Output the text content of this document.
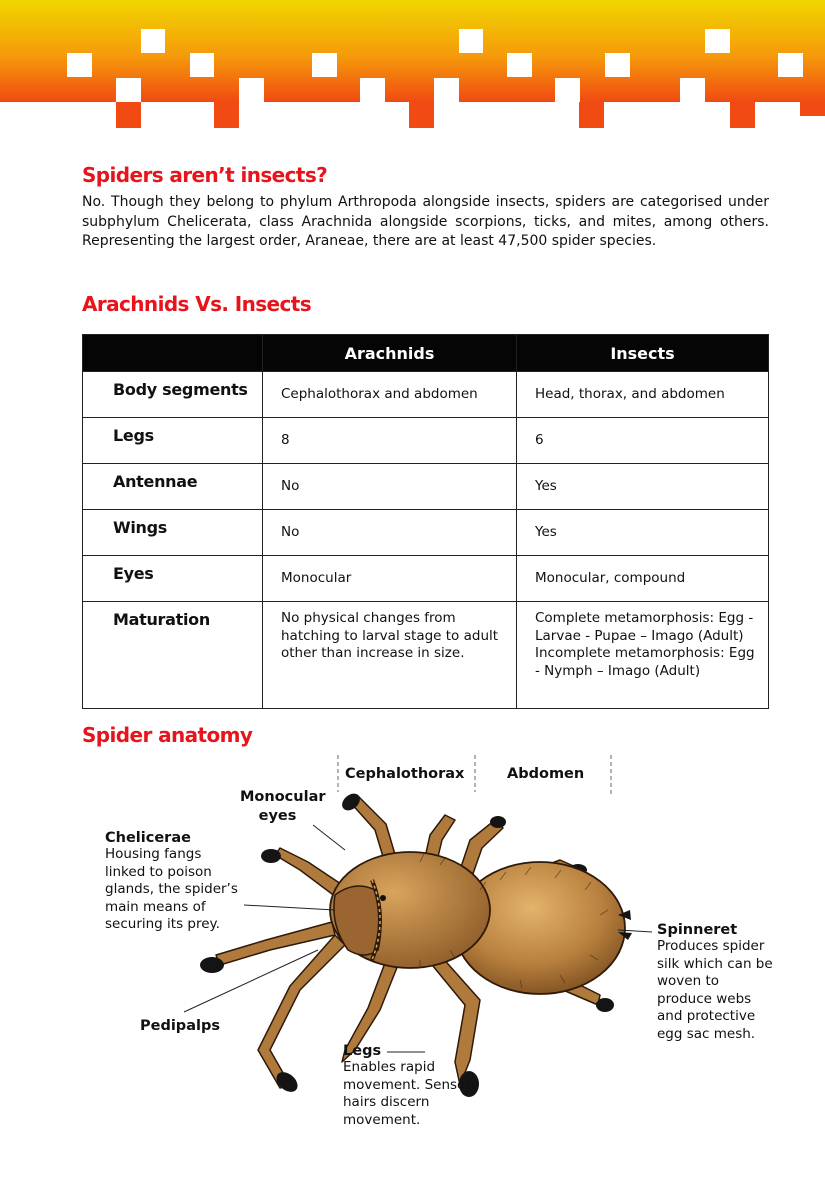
Spiders aren’t insects?

No. Though they belong to phylum Arthropoda alongside insects, spiders are categorised under subphylum Chelicerata, class Arachnida alongside scorpions, ticks, and mites, among others. Representing the largest order, Araneae, there are at least 47,500 spider species.

Arachnids Vs. Insects
	Arachnids	Insects
Body segments	Cephalothorax and abdomen	Head, thorax, and abdomen
Legs	8	6
Antennae	No	Yes
Wings	No	Yes
Eyes	Monocular	Monocular, compound
Maturation	No physical changes from hatching to larval stage to adult other than increase in size.	Complete metamorphosis: Egg - Larvae - Pupae – Imago (Adult) Incomplete metamorphosis: Egg - Nymph – Imago (Adult)
Spider anatomy
Cephalothorax	Abdomen
Monocular eyes
Chelicerae
Housing fangs linked to poison glands, the spider’s main means of securing its prey.
Pedipalps
Legs
Enables rapid movement. Sensory hairs discern movement.
Spinneret
Produces spider silk which can be woven to produce webs and protective egg sac mesh.
